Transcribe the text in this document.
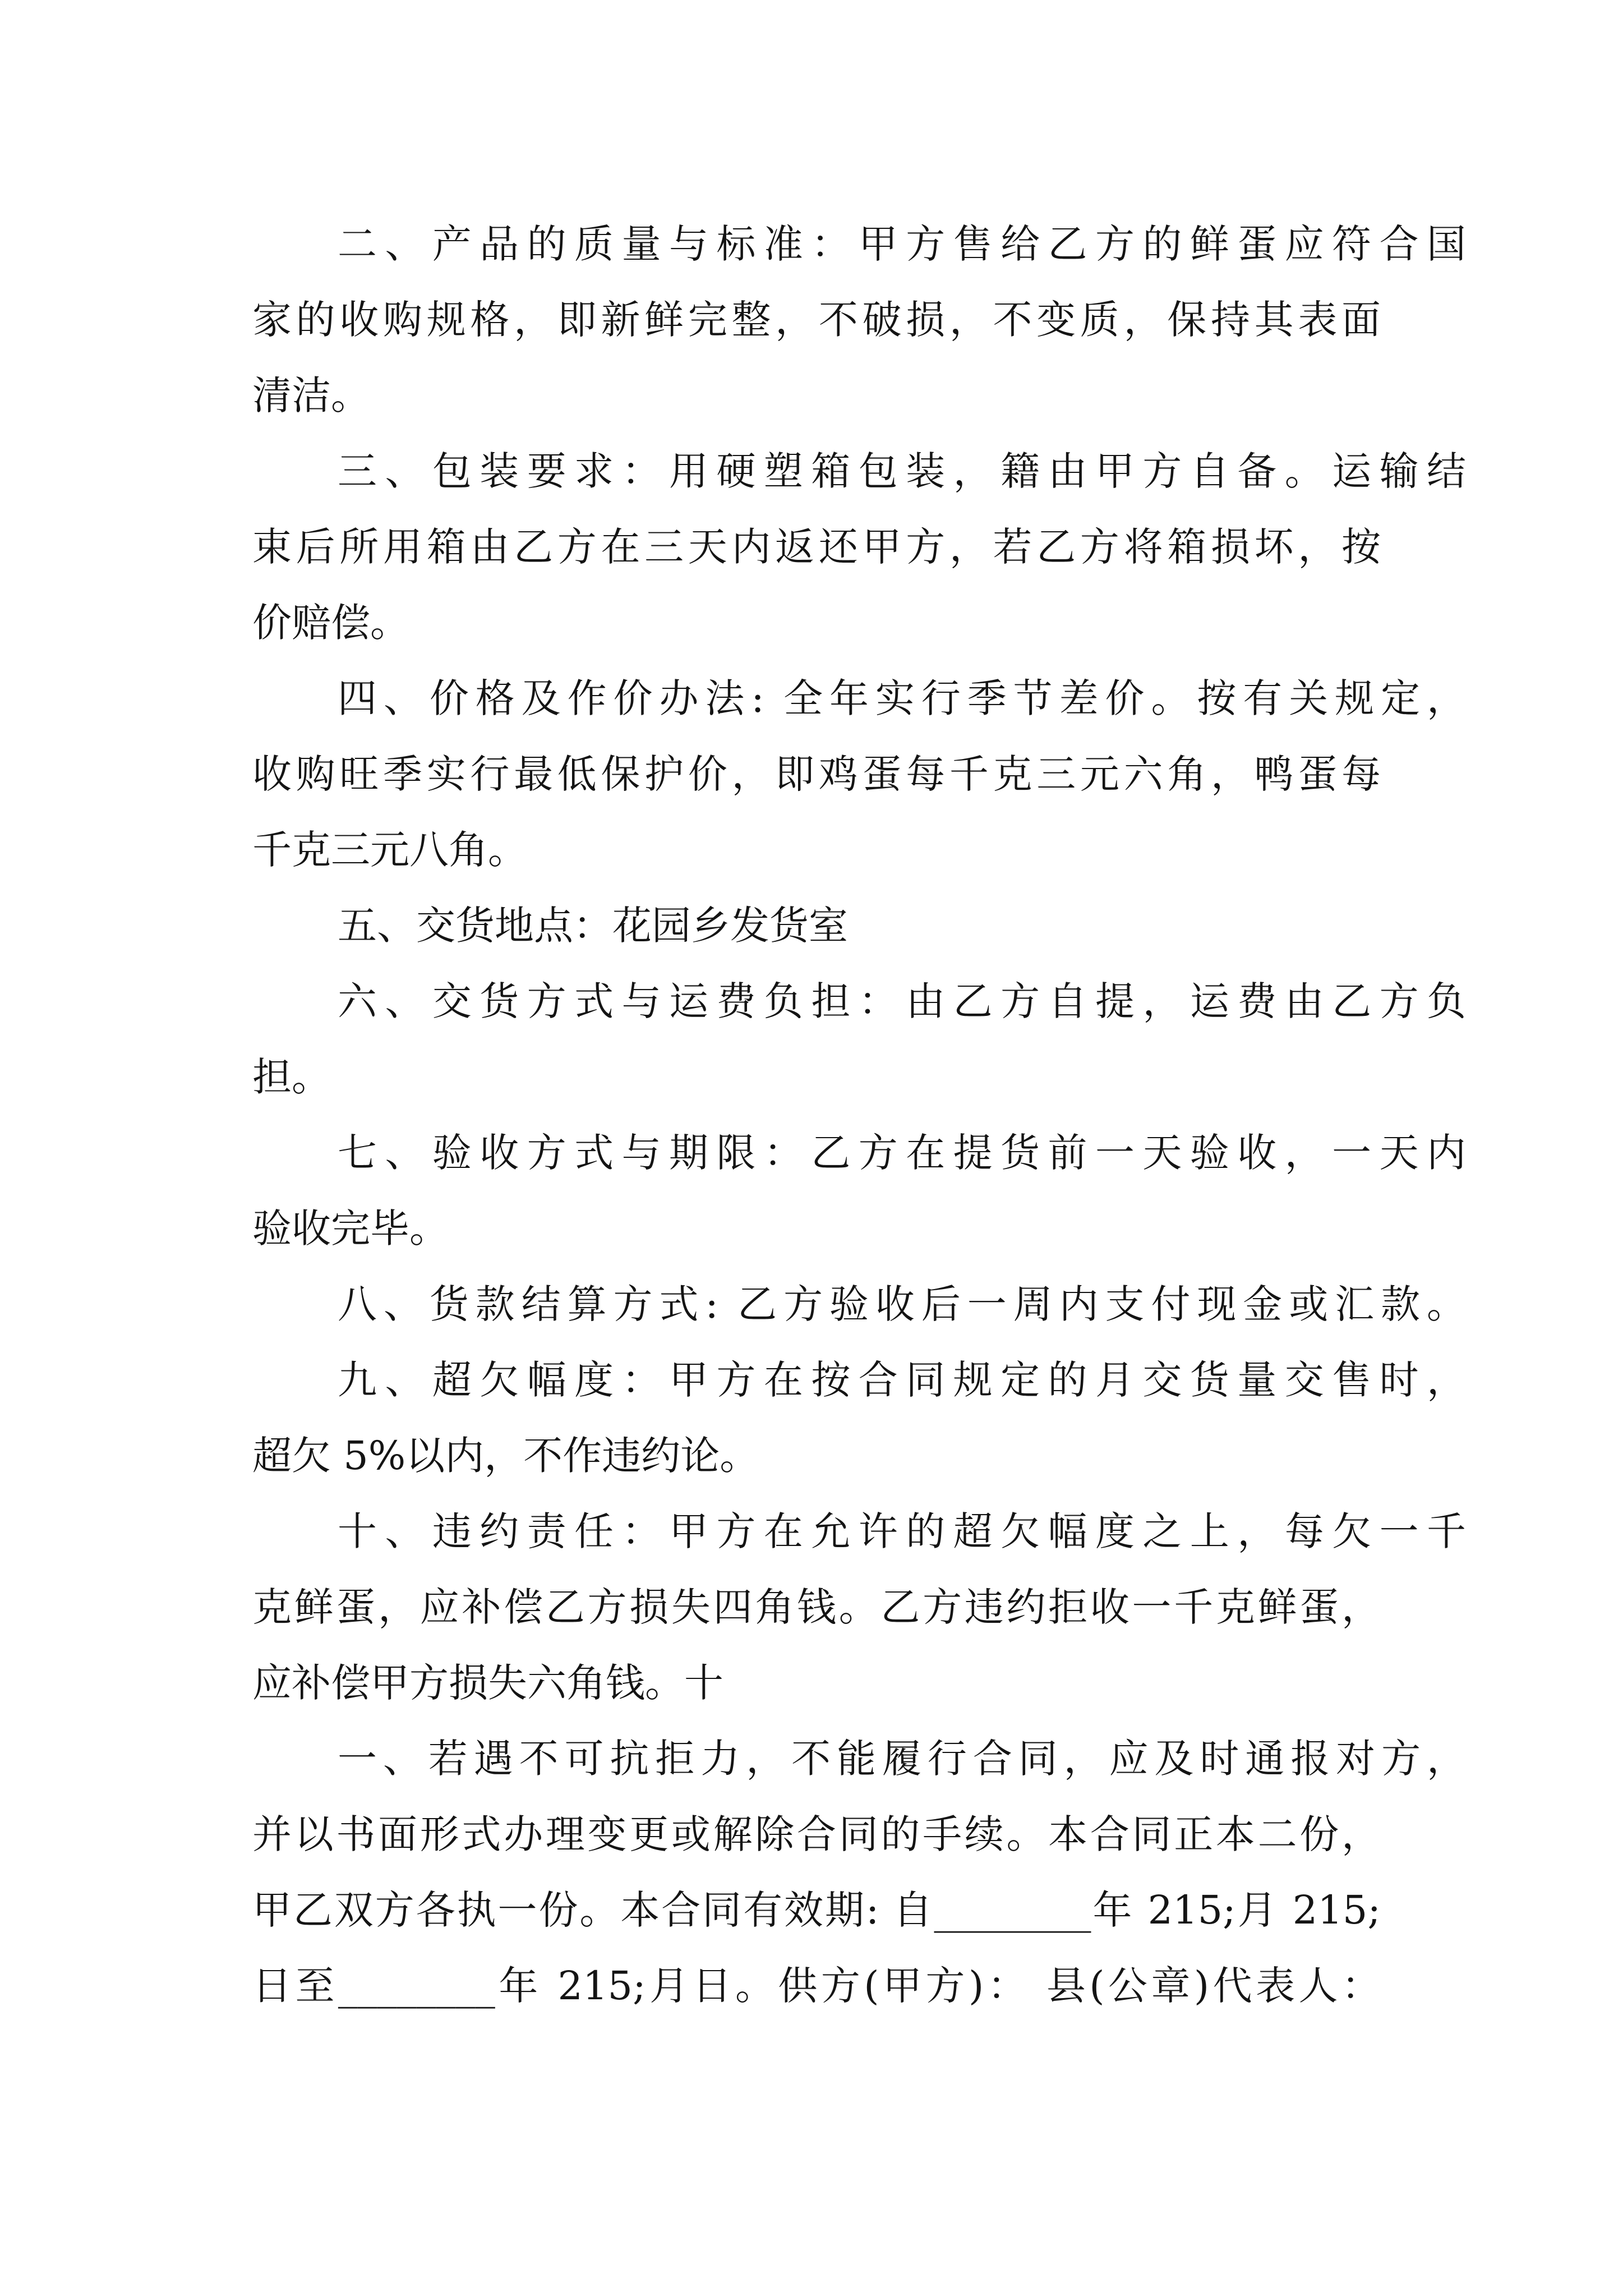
二、产品的质量与标准：甲方售给乙方的鲜蛋应符合国
家的收购规格，即新鲜完整，不破损，不变质，保持其表面
清洁。
三、包装要求：用硬塑箱包装，籍由甲方自备。运输结
束后所用箱由乙方在三天内返还甲方，若乙方将箱损坏，按
价赔偿。
四、价格及作价办法: 全年实行季节差价。按有关规定，
收购旺季实行最低保护价，即鸡蛋每千克三元六角，鸭蛋每
千克三元八角。
五、交货地点：花园乡发货室
六、交货方式与运费负担：由乙方自提，运费由乙方负
担。
七、验收方式与期限：乙方在提货前一天验收，一天内
验收完毕。
八、货款结算方式: 乙方验收后一周内支付现金或汇款。
九、超欠幅度：甲方在按合同规定的月交货量交售时，
超欠 5%以内，不作违约论。
十、违约责任：甲方在允许的超欠幅度之上，每欠一千
克鲜蛋，应补偿乙方损失四角钱。乙方违约拒收一千克鲜蛋，
应补偿甲方损失六角钱。十
一、若遇不可抗拒力，不能履行合同，应及时通报对方，
并以书面形式办理变更或解除合同的手续。本合同正本二份，
甲乙双方各执一份。本合同有效期: 自________年 215;月 215;
日至________年 215;月日。供方(甲方)： 县(公章)代表人：
